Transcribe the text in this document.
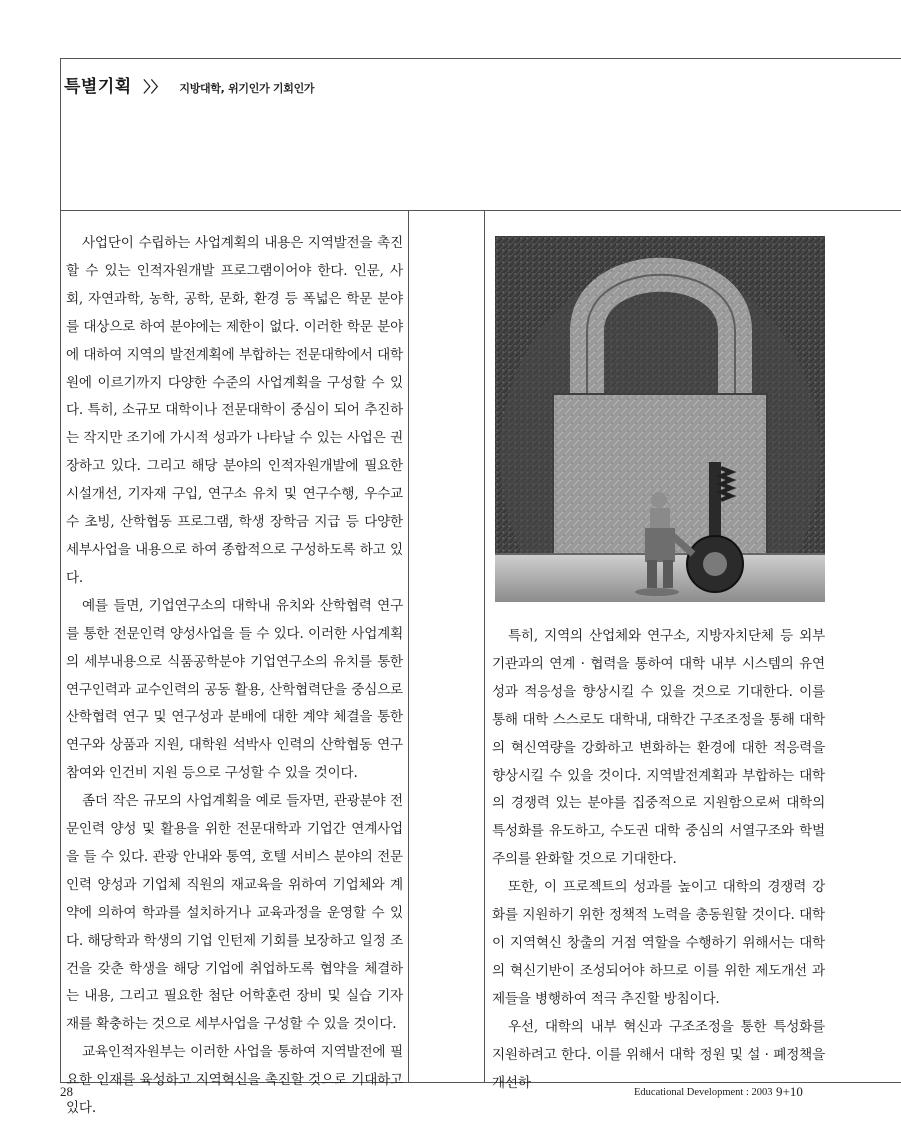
특별기획 〉〉 지방대학, 위기인가 기회인가

사업단이 수립하는 사업계획의 내용은 지역발전을 촉진할 수 있는 인적자원개발 프로그램이어야 한다. 인문, 사회, 자연과학, 농학, 공학, 문화, 환경 등 폭넓은 학문 분야를 대상으로 하여 분야에는 제한이 없다. 이러한 학문 분야에 대하여 지역의 발전계획에 부합하는 전문대학에서 대학원에 이르기까지 다양한 수준의 사업계획을 구성할 수 있다. 특히, 소규모 대학이나 전문대학이 중심이 되어 추진하는 작지만 조기에 가시적 성과가 나타날 수 있는 사업은 권장하고 있다. 그리고 해당 분야의 인적자원개발에 필요한 시설개선, 기자재 구입, 연구소 유치 및 연구수행, 우수교수 초빙, 산학협동 프로그램, 학생 장학금 지급 등 다양한 세부사업을 내용으로 하여 종합적으로 구성하도록 하고 있다.

예를 들면, 기업연구소의 대학내 유치와 산학협력 연구를 통한 전문인력 양성사업을 들 수 있다. 이러한 사업계획의 세부내용으로 식품공학분야 기업연구소의 유치를 통한 연구인력과 교수인력의 공동 활용, 산학협력단을 중심으로 산학협력 연구 및 연구성과 분배에 대한 계약 체결을 통한 연구와 상품과 지원, 대학원 석박사 인력의 산학협동 연구 참여와 인건비 지원 등으로 구성할 수 있을 것이다.

좀더 작은 규모의 사업계획을 예로 들자면, 관광분야 전문인력 양성 및 활용을 위한 전문대학과 기업간 연계사업을 들 수 있다. 관광 안내와 통역, 호텔 서비스 분야의 전문인력 양성과 기업체 직원의 재교육을 위하여 기업체와 계약에 의하여 학과를 설치하거나 교육과정을 운영할 수 있다. 해당학과 학생의 기업 인턴제 기회를 보장하고 일정 조건을 갖춘 학생을 해당 기업에 취업하도록 협약을 체결하는 내용, 그리고 필요한 첨단 어학훈련 장비 및 실습 기자재를 확충하는 것으로 세부사업을 구성할 수 있을 것이다.

교육인적자원부는 이러한 사업을 통하여 지역발전에 필요한 인재를 육성하고 지역혁신을 촉진할 것으로 기대하고 있다.

특히, 지역의 산업체와 연구소, 지방자치단체 등 외부 기관과의 연계 · 협력을 통하여 대학 내부 시스템의 유연성과 적응성을 향상시킬 수 있을 것으로 기대한다. 이를 통해 대학 스스로도 대학내, 대학간 구조조정을 통해 대학의 혁신역량을 강화하고 변화하는 환경에 대한 적응력을 향상시킬 수 있을 것이다. 지역발전계획과 부합하는 대학의 경쟁력 있는 분야를 집중적으로 지원함으로써 대학의 특성화를 유도하고, 수도권 대학 중심의 서열구조와 학벌주의를 완화할 것으로 기대한다.

또한, 이 프로젝트의 성과를 높이고 대학의 경쟁력 강화를 지원하기 위한 정책적 노력을 총동원할 것이다. 대학이 지역혁신 창출의 거점 역할을 수행하기 위해서는 대학의 혁신기반이 조성되어야 하므로 이를 위한 제도개선 과제들을 병행하여 적극 추진할 방침이다.

우선, 대학의 내부 혁신과 구조조정을 통한 특성화를 지원하려고 한다. 이를 위해서 대학 정원 및 설 · 폐정책을 개선하

28	Educational Development : 2003 9+10
